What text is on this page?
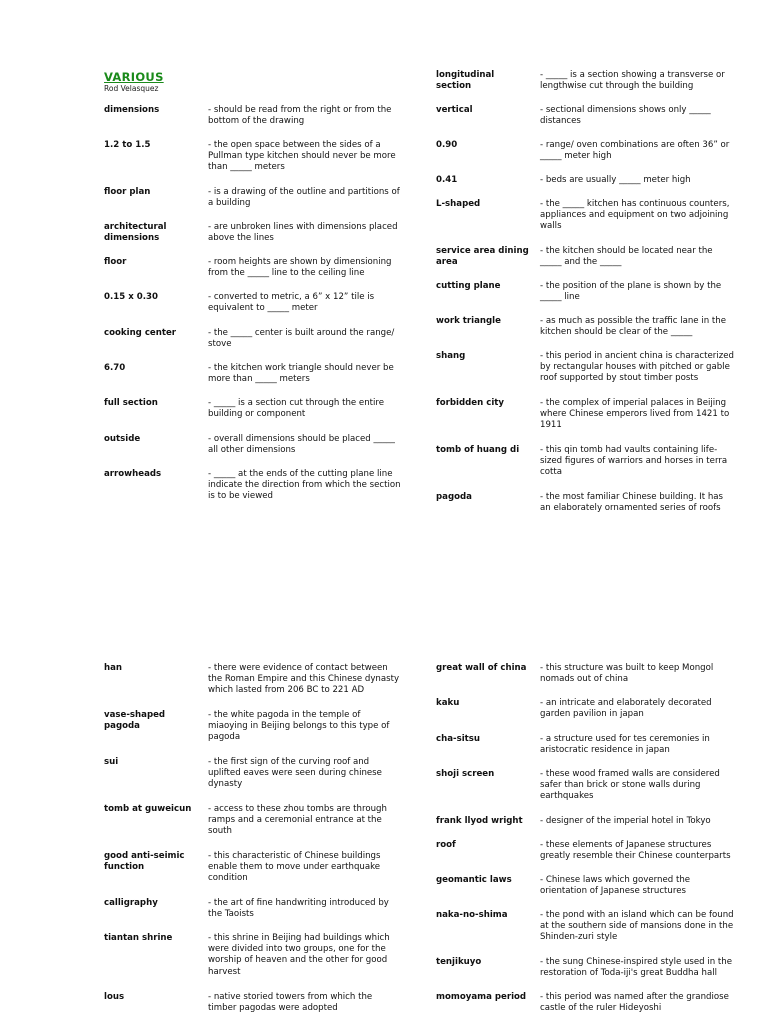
VARIOUS
Rod Velasquez
dimensions	- should be read from the right or from the bottom of the drawing
1.2 to 1.5	- the open space between the sides of a Pullman type kitchen should never be more than _____ meters
floor plan	- is a drawing of the outline and partitions of a building
architectural dimensions
- are unbroken lines with dimensions placed above the lines
floor	- room heights are shown by dimensioning from the _____ line to the ceiling line
0.15 x 0.30	- converted to metric, a 6” x 12” tile is equivalent to _____ meter
cooking center	- the _____ center is built around the range/ stove
6.70	- the kitchen work triangle should never be more than _____ meters
full section	- _____ is a section cut through the entire building or component
outside	- overall dimensions should be placed _____ all other dimensions
arrowheads	- _____ at the ends of the cutting plane line indicate the direction from which the section is to be viewed
longitudinal section
- _____ is a section showing a transverse or lengthwise cut through the building
vertical	- sectional dimensions shows only _____ distances
0.90	- range/ oven combinations are often 36” or _____ meter high
0.41	- beds are usually _____ meter high
L-shaped	- the _____ kitchen has continuous counters, appliances and equipment on two adjoining walls
service area dining area
- the kitchen should be located near the _____ and the _____
cutting plane	- the position of the plane is shown by the _____ line
work triangle	- as much as possible the traffic lane in the kitchen should be clear of the _____
shang	- this period in ancient china is characterized by rectangular houses with pitched or gable roof supported by stout timber posts
forbidden city	- the complex of imperial palaces in Beijing where Chinese emperors lived from 1421 to 1911
tomb of huang di	- this qin tomb had vaults containing life-sized figures of warriors and horses in terra cotta
pagoda	- the most familiar Chinese building. It has an elaborately ornamented series of roofs
han	- there were evidence of contact between the Roman Empire and this Chinese dynasty which lasted from 206 BC to 221 AD
vase-shaped pagoda
- the white pagoda in the temple of miaoying in Beijing belongs to this type of pagoda
sui	- the first sign of the curving roof and uplifted eaves were seen during chinese dynasty
tomb at guweicun	- access to these zhou tombs are through ramps and a ceremonial entrance at the south
good anti-seimic function
- this characteristic of Chinese buildings enable them to move under earthquake condition
calligraphy	- the art of fine handwriting introduced by the Taoists
tiantan shrine	- this shrine in Beijing had buildings which were divided into two groups, one for the worship of heaven and the other for good harvest
lous	- native storied towers from which the timber pagodas were adopted
great wall of china	- this structure was built to keep Mongol nomads out of china
kaku	- an intricate and elaborately decorated garden pavilion in japan
cha-sitsu	- a structure used for tes ceremonies in aristocratic residence in japan
shoji screen	- these wood framed walls are considered safer than brick or stone walls during earthquakes
frank llyod wright	- designer of the imperial hotel in Tokyo
roof	- these elements of Japanese structures greatly resemble their Chinese counterparts
geomantic laws	- Chinese laws which governed the orientation of Japanese structures
naka-no-shima	- the pond with an island which can be found at the southern side of mansions done in the Shinden-zuri style
tenjikuyo	- the sung Chinese-inspired style used in the restoration of Toda-iji's great Buddha hall
momoyama period	- this period was named after the grandiose castle of the ruler Hideyoshi
